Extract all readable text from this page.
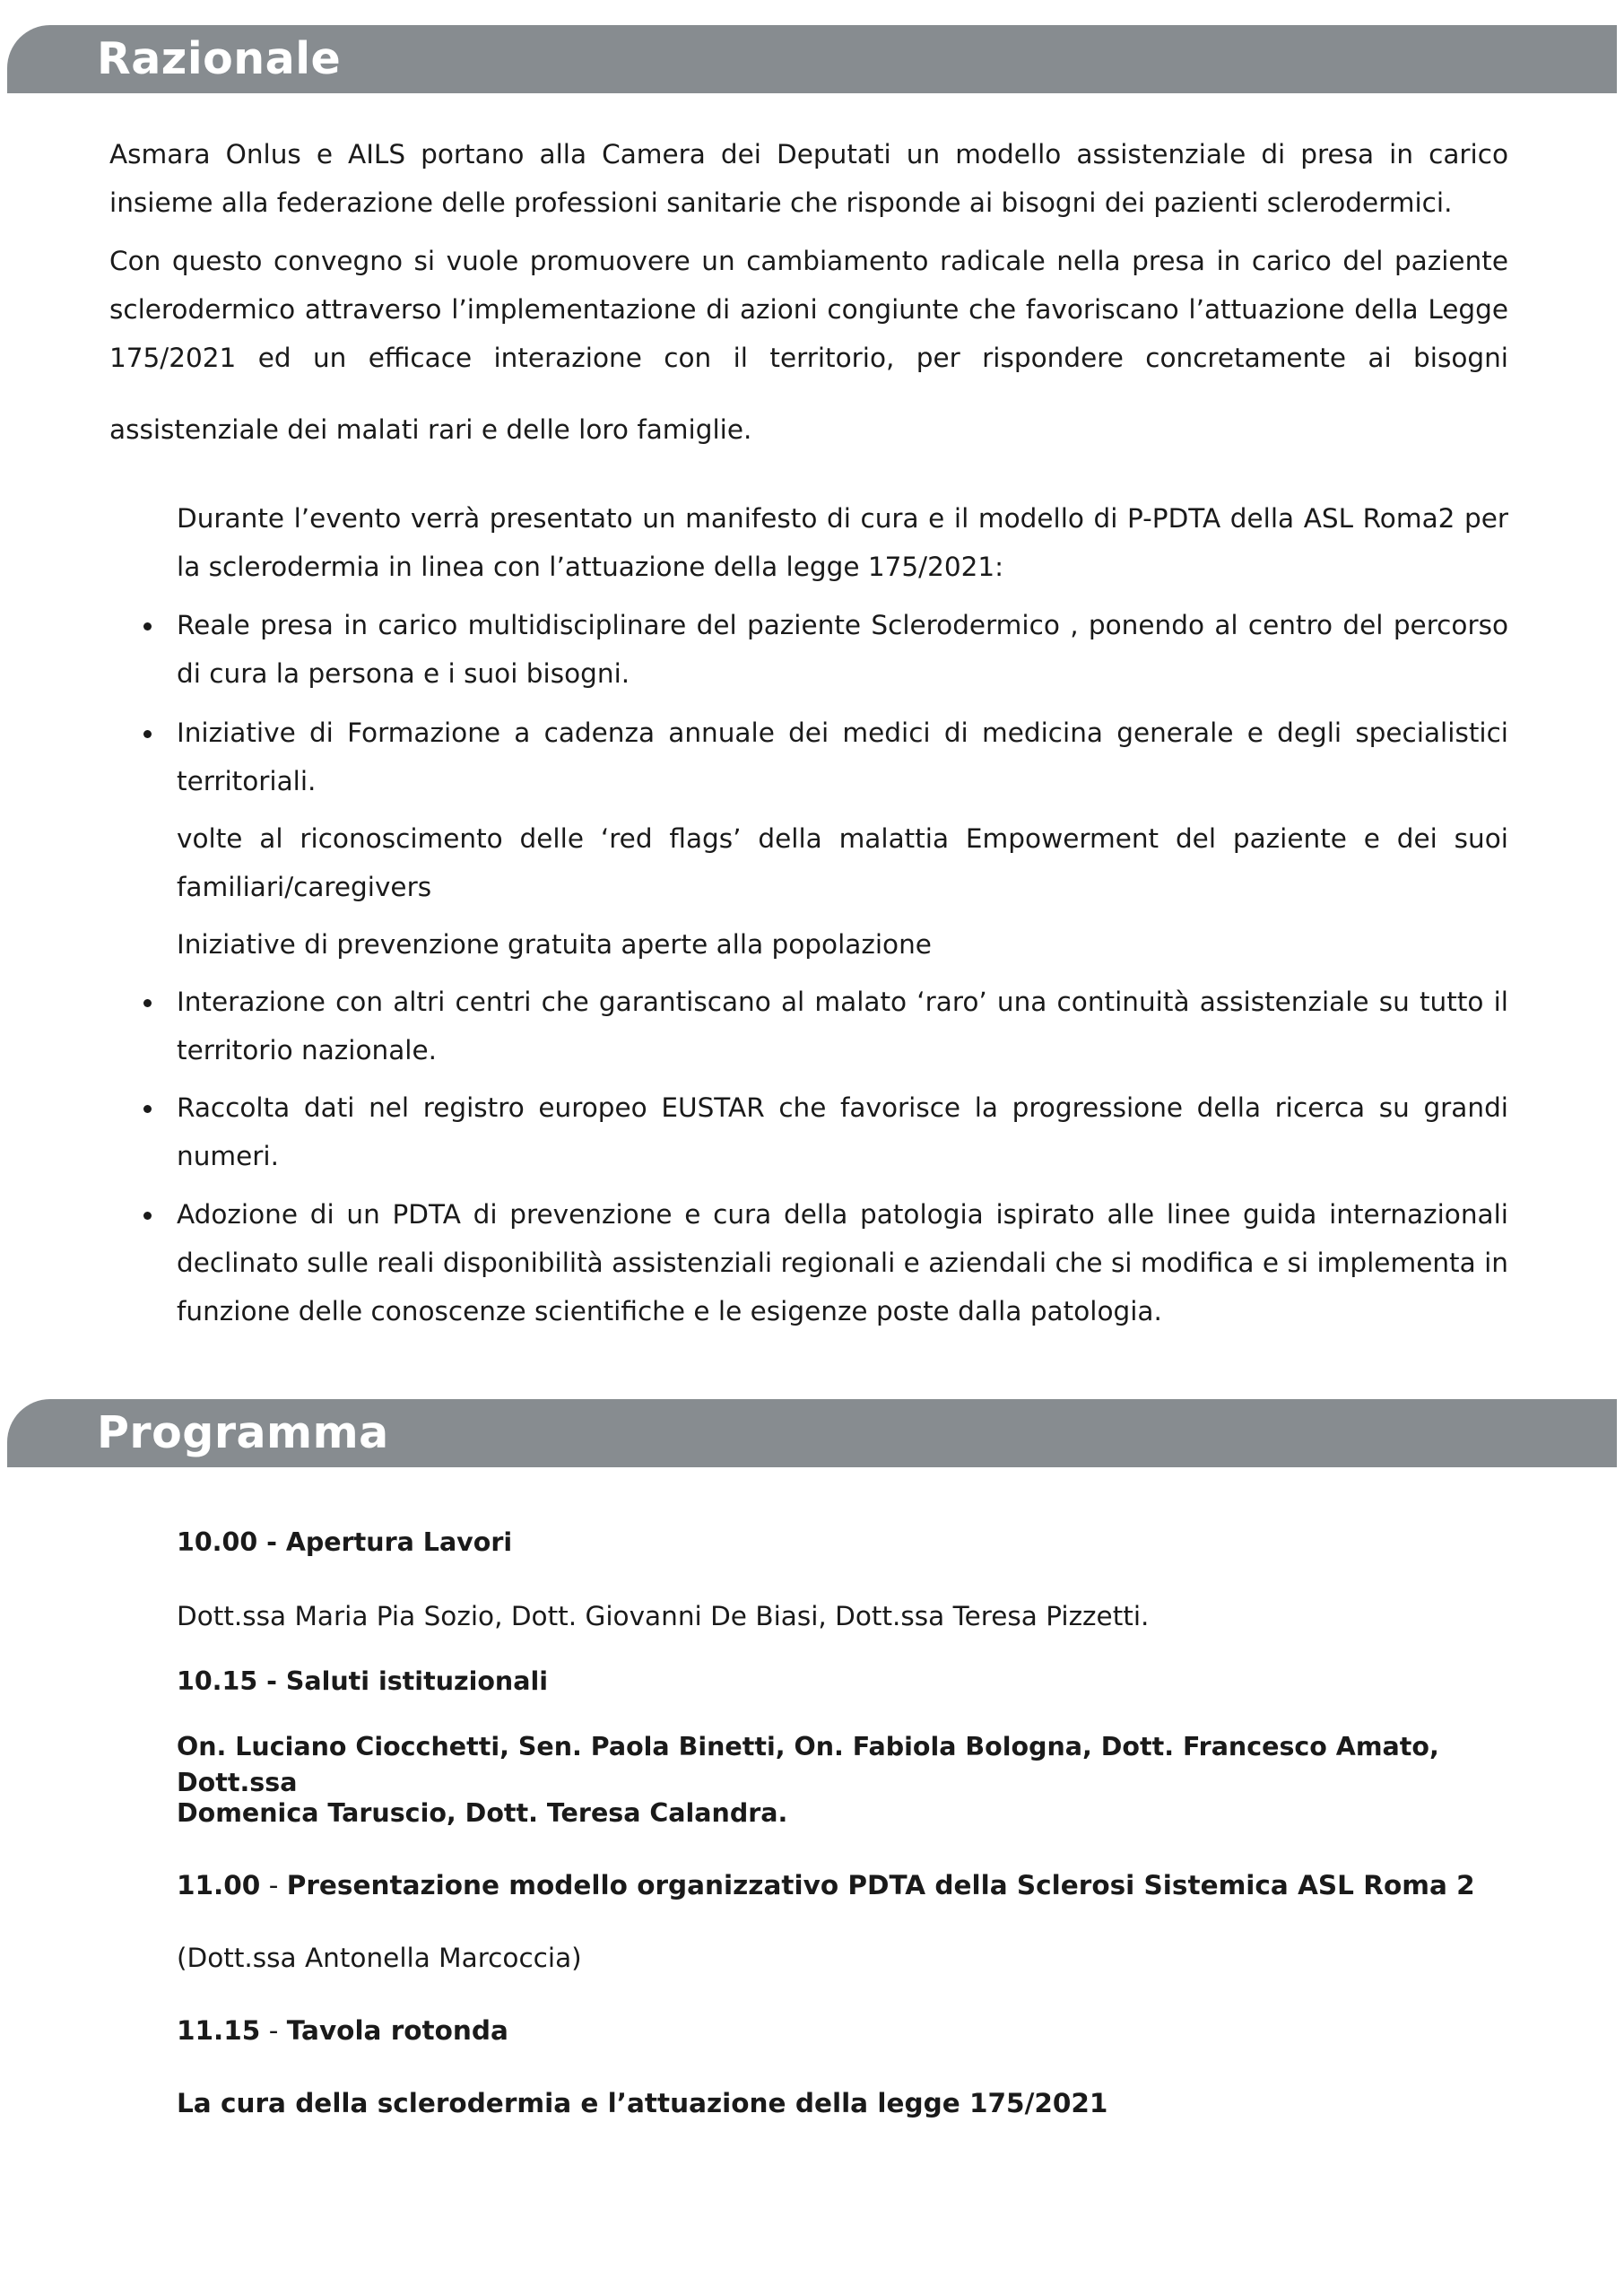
Razionale

Asmara Onlus e AILS portano alla Camera dei Deputati un modello assistenziale di presa in carico insieme alla federazione delle professioni sanitarie che risponde ai bisogni dei pazienti sclerodermici.

Con questo convegno si vuole promuovere un cambiamento radicale nella presa in carico del paziente sclerodermico attraverso l’implementazione di azioni congiunte che favoriscano l’attuazione della Legge 175/2021 ed un efficace interazione con il territorio, per rispondere concretamente ai bisogni

assistenziale dei malati rari e delle loro famiglie.

Durante l’evento verrà presentato un manifesto di cura e il modello di P-PDTA della ASL Roma2 per la sclerodermia in linea con l’attuazione della legge 175/2021:

Reale presa in carico multidisciplinare del paziente Sclerodermico , ponendo al centro del percorso di cura la persona e i suoi bisogni.
Iniziative di Formazione a cadenza annuale dei medici di medicina generale e degli specialistici territoriali.

volte al riconoscimento delle ‘red flags’ della malattia Empowerment del paziente e dei suoi familiari/caregivers

Iniziative di prevenzione gratuita aperte alla popolazione

Interazione con altri centri che garantiscano al malato ‘raro’ una continuità assistenziale su tutto il territorio nazionale.
Raccolta dati nel registro europeo EUSTAR che favorisce la progressione della ricerca su grandi numeri.
Adozione di un PDTA di prevenzione e cura della patologia ispirato alle linee guida internazionali declinato sulle reali disponibilità assistenziali regionali e aziendali che si modifica e si implementa in funzione delle conoscenze scientifiche e le esigenze poste dalla patologia.
Programma

10.00 - Apertura Lavori

Dott.ssa Maria Pia Sozio, Dott. Giovanni De Biasi, Dott.ssa Teresa Pizzetti.

10.15 - Saluti istituzionali

On. Luciano Ciocchetti, Sen. Paola Binetti, On. Fabiola Bologna, Dott. Francesco Amato, Dott.ssa

Domenica Taruscio, Dott. Teresa Calandra.

11.00 - Presentazione modello organizzativo PDTA della Sclerosi Sistemica ASL Roma 2

(Dott.ssa Antonella Marcoccia)

11.15 - Tavola rotonda

La cura della sclerodermia e l’attuazione della legge 175/2021
